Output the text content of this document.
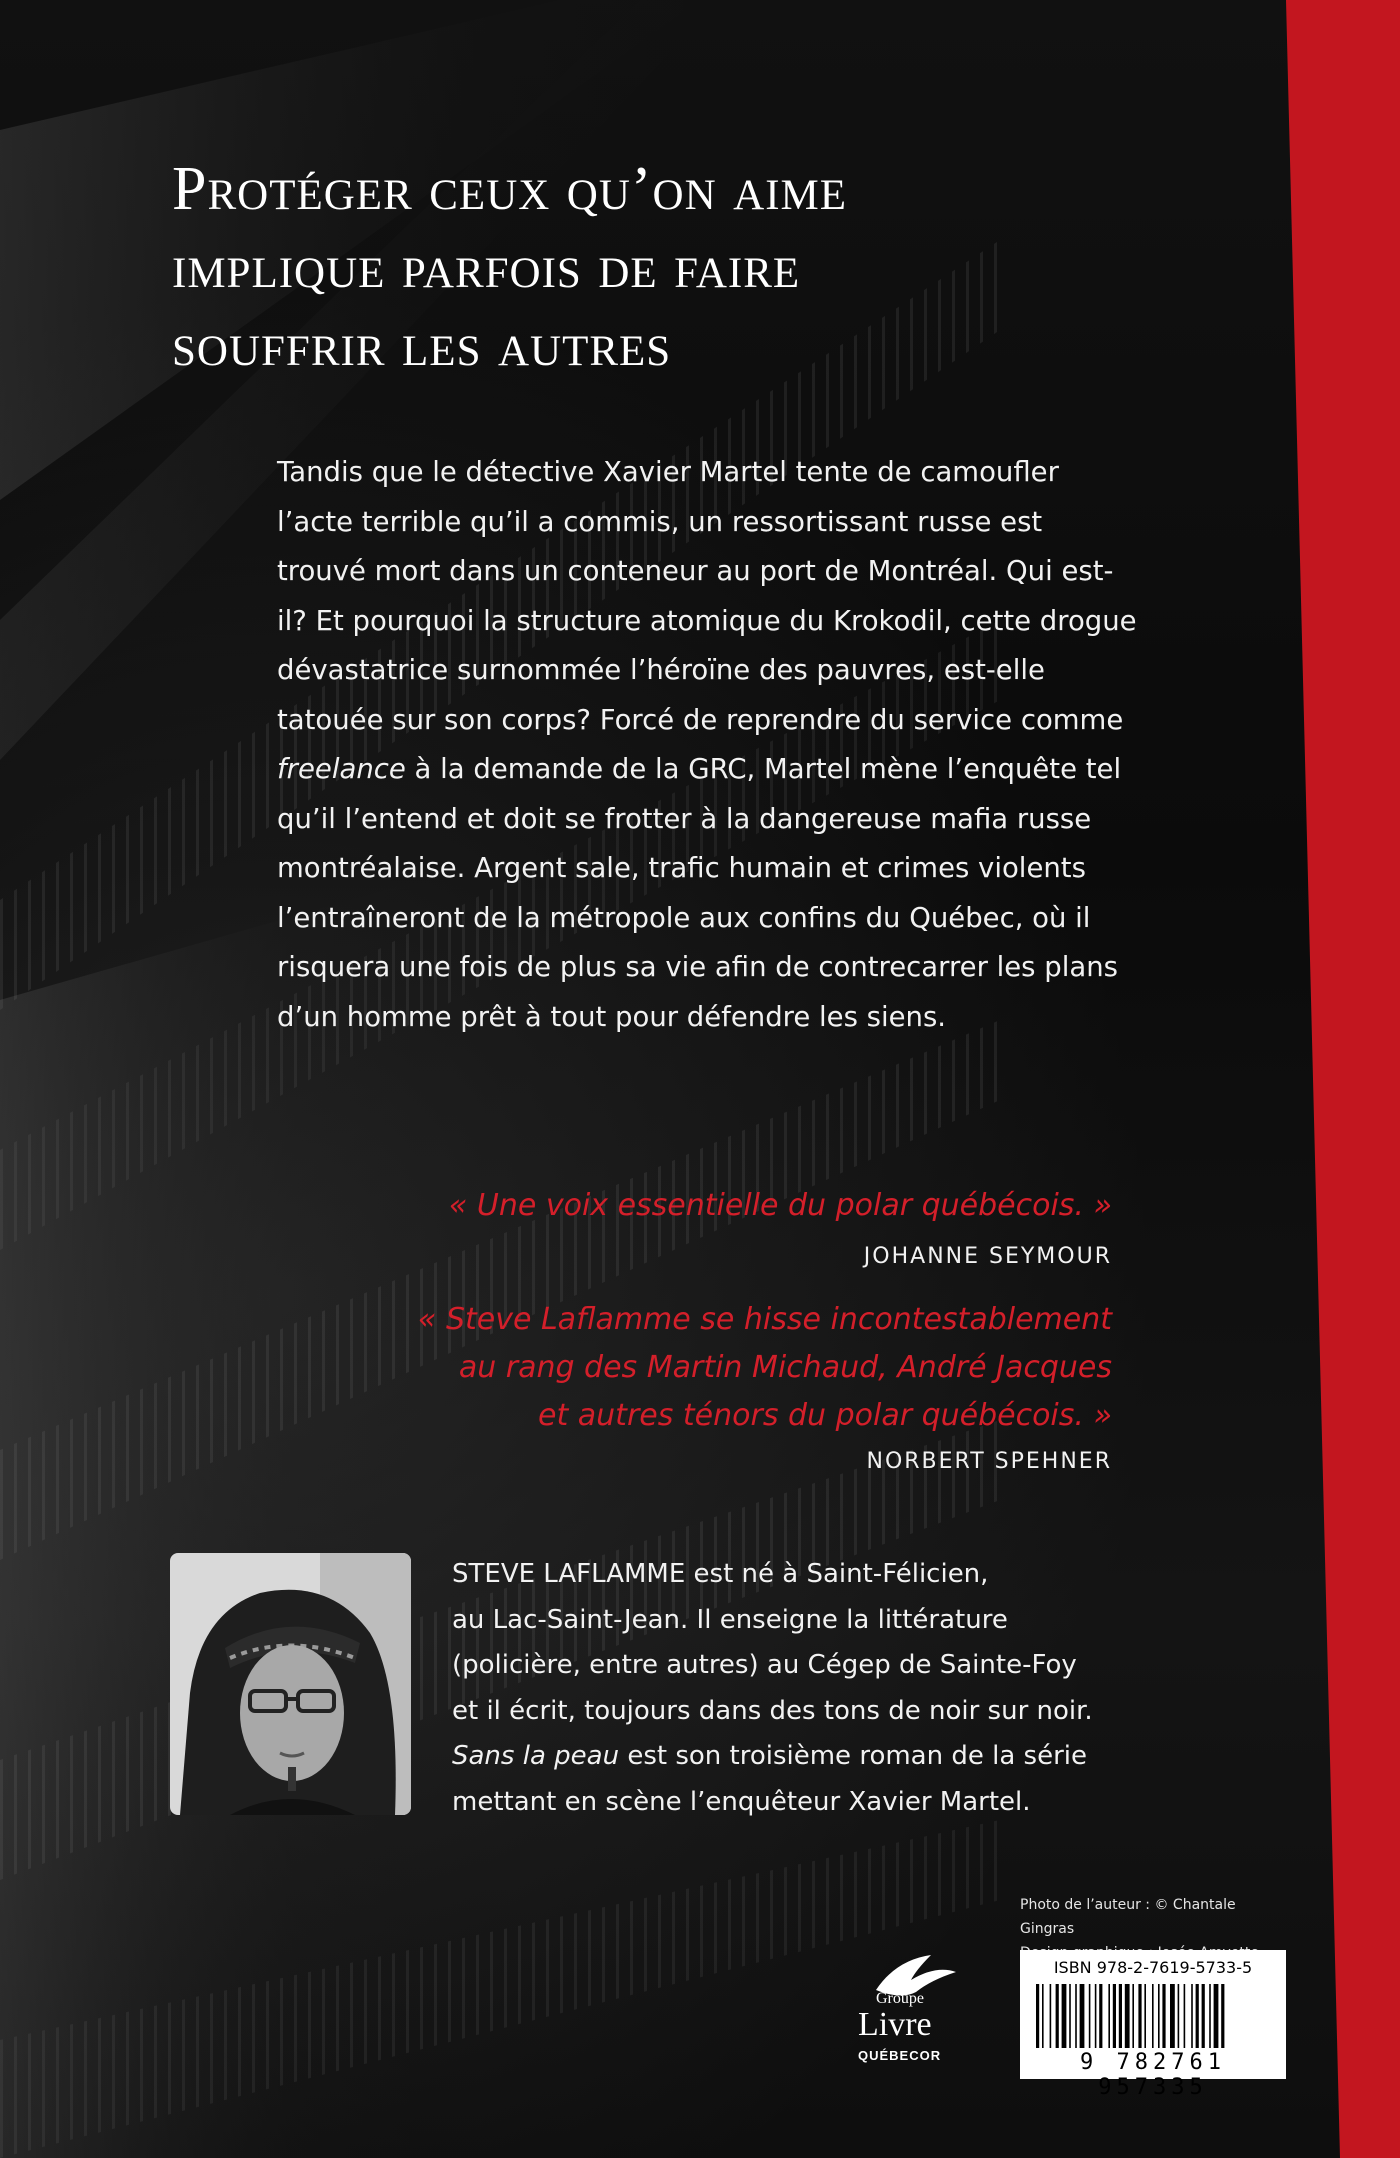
Protéger ceux qu’on aime
implique parfois de faire
souffrir les autres

Tandis que le détective Xavier Martel tente de camoufler l’acte terrible qu’il a commis, un ressortissant russe est trouvé mort dans un conteneur au port de Montréal. Qui est-il? Et pourquoi la structure atomique du Krokodil, cette drogue dévastatrice surnommée l’héroïne des pauvres, est-elle tatouée sur son corps? Forcé de reprendre du service comme freelance à la demande de la GRC, Martel mène l’enquête tel qu’il l’entend et doit se frotter à la dangereuse mafia russe montréalaise. Argent sale, trafic humain et crimes violents l’entraîneront de la métropole aux confins du Québec, où il risquera une fois de plus sa vie afin de contrecarrer les plans d’un homme prêt à tout pour défendre les siens.

« Une voix essentielle du polar québécois. »
JOHANNE SEYMOUR
« Steve Laflamme se hisse incontestablement
au rang des Martin Michaud, André Jacques
et autres ténors du polar québécois. »
NORBERT SPEHNER

STEVE LAFLAMME est né à Saint-Félicien,
au Lac-Saint-Jean. Il enseigne la littérature
(policière, entre autres) au Cégep de Sainte-Foy
et il écrit, toujours dans des tons de noir sur noir.
Sans la peau est son troisième roman de la série
mettant en scène l’enquêteur Xavier Martel.

Photo de l’auteur : © Chantale Gingras
Groupe
Livre
QUÉBECOR
ISBN 978-2-7619-5733-5
9 782761 957335
